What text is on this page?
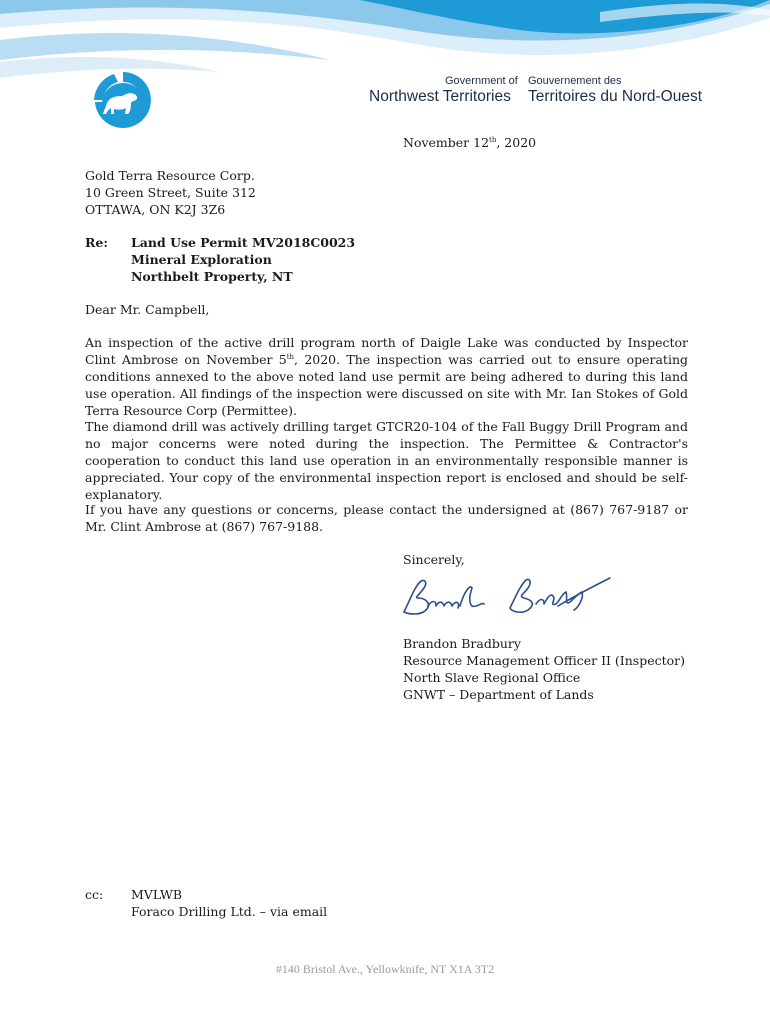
Government of
Northwest Territories
Gouvernement des
Territoires du Nord-Ouest
November 12th, 2020
Gold Terra Resource Corp.
10 Green Street, Suite 312
OTTAWA, ON K2J 3Z6
Re: Land Use Permit MV2018C0023
Mineral Exploration
Northbelt Property, NT
Dear Mr. Campbell,
An inspection of the active drill program north of Daigle Lake was conducted by Inspector Clint Ambrose on November 5th, 2020. The inspection was carried out to ensure operating conditions annexed to the above noted land use permit are being adhered to during this land use operation. All findings of the inspection were discussed on site with Mr. Ian Stokes of Gold Terra Resource Corp (Permittee).
The diamond drill was actively drilling target GTCR20-104 of the Fall Buggy Drill Program and no major concerns were noted during the inspection. The Permittee & Contractor's cooperation to conduct this land use operation in an environmentally responsible manner is appreciated. Your copy of the environmental inspection report is enclosed and should be self-explanatory.
If you have any questions or concerns, please contact the undersigned at (867) 767-9187 or Mr. Clint Ambrose at (867) 767-9188.
Sincerely,
Brandon Bradbury
Resource Management Officer II (Inspector)
North Slave Regional Office
GNWT – Department of Lands
cc: MVLWB
Foraco Drilling Ltd. – via email
#140 Bristol Ave., Yellowknife, NT X1A 3T2
